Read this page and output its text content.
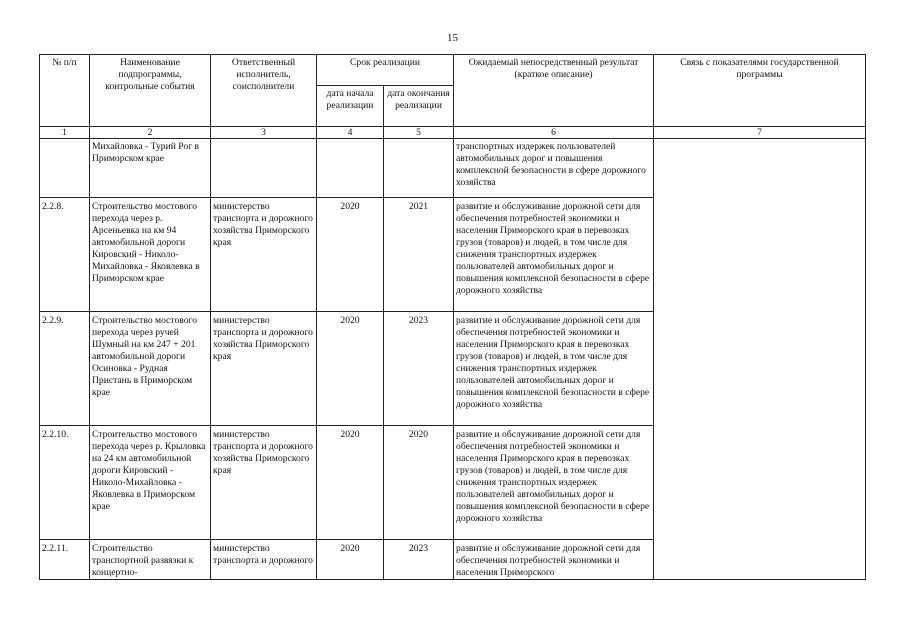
15
№ п/п	Наименование подпрограммы, контрольные события	Ответственный исполнитель, соисполнители	Срок реализации		Ожидаемый непосредственный результат (краткое описание)	Связь с показателями государственной программы
			дата начала реализации	дата окончания реализации		
1	2	3	4	5	6	7
	Михайловка - Турий Рог в Приморском крае				транспортных издержек пользователей автомобильных дорог и повышения комплексной безопасности в сфере дорожного хозяйства	
2.2.8.	Строительство мостового перехода через р. Арсеньевка на км 94 автомобильной дороги Кировский - Николо-Михайловка - Яковлевка в Приморском крае	министерство транспорта и дорожного хозяйства Приморского края	2020	2021	развитие и обслуживание дорожной сети для обеспечения потребностей экономики и населения Приморского края в перевозках грузов (товаров) и людей, в том числе для снижения транспортных издержек пользователей автомобильных дорог и повышения комплексной безопасности в сфере дорожного хозяйства	
2.2.9.	Строительство мостового перехода через ручей Шумный на км 247 + 201 автомобильной дороги Осиновка - Рудная Пристань в Приморском крае	министерство транспорта и дорожного хозяйства Приморского края	2020	2023	развитие и обслуживание дорожной сети для обеспечения потребностей экономики и населения Приморского края в перевозках грузов (товаров) и людей, в том числе для снижения транспортных издержек пользователей автомобильных дорог и повышения комплексной безопасности в сфере дорожного хозяйства	
2.2.10.	Строительство мостового перехода через р. Крыловка на 24 км автомобильной дороги Кировский - Николо-Михайловка - Яковлевка в Приморском крае	министерство транспорта и дорожного хозяйства Приморского края	2020	2020	развитие и обслуживание дорожной сети для обеспечения потребностей экономики и населения Приморского края в перевозках грузов (товаров) и людей, в том числе для снижения транспортных издержек пользователей автомобильных дорог и повышения комплексной безопасности в сфере дорожного хозяйства	
2.2.11.	Строительство транспортной развязки к концертно-	министерство транспорта и дорожного	2020	2023	развитие и обслуживание дорожной сети для обеспечения потребностей экономики и населения Приморского	
